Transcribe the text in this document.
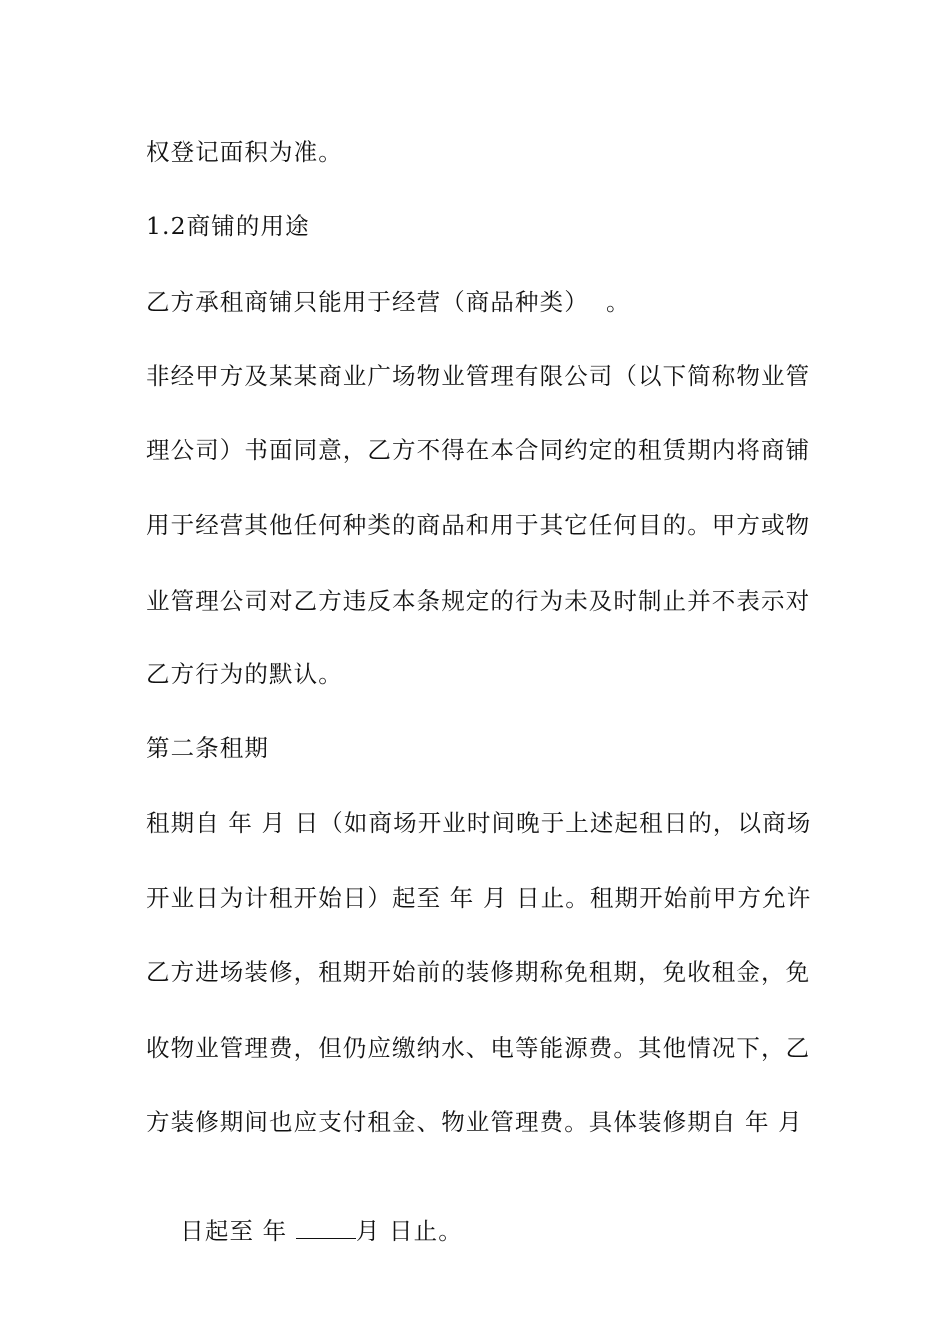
权登记面积为准。
1.2商铺的用途
乙方承租商铺只能用于经营（商品种类）  。
非经甲方及某某商业广场物业管理有限公司（以下简称物业管
理公司）书面同意，乙方不得在本合同约定的租赁期内将商铺
用于经营其他任何种类的商品和用于其它任何目的。甲方或物
业管理公司对乙方违反本条规定的行为未及时制止并不表示对
乙方行为的默认。
第二条租期
租期自 年 月 日（如商场开业时间晚于上述起租日的，以商场
开业日为计租开始日）起至 年 月 日止。租期开始前甲方允许
乙方进场装修，租期开始前的装修期称免租期，免收租金，免
收物业管理费，但仍应缴纳水、电等能源费。其他情况下，乙
方装修期间也应支付租金、物业管理费。具体装修期自 年 月

日起至 年	月 日止。
